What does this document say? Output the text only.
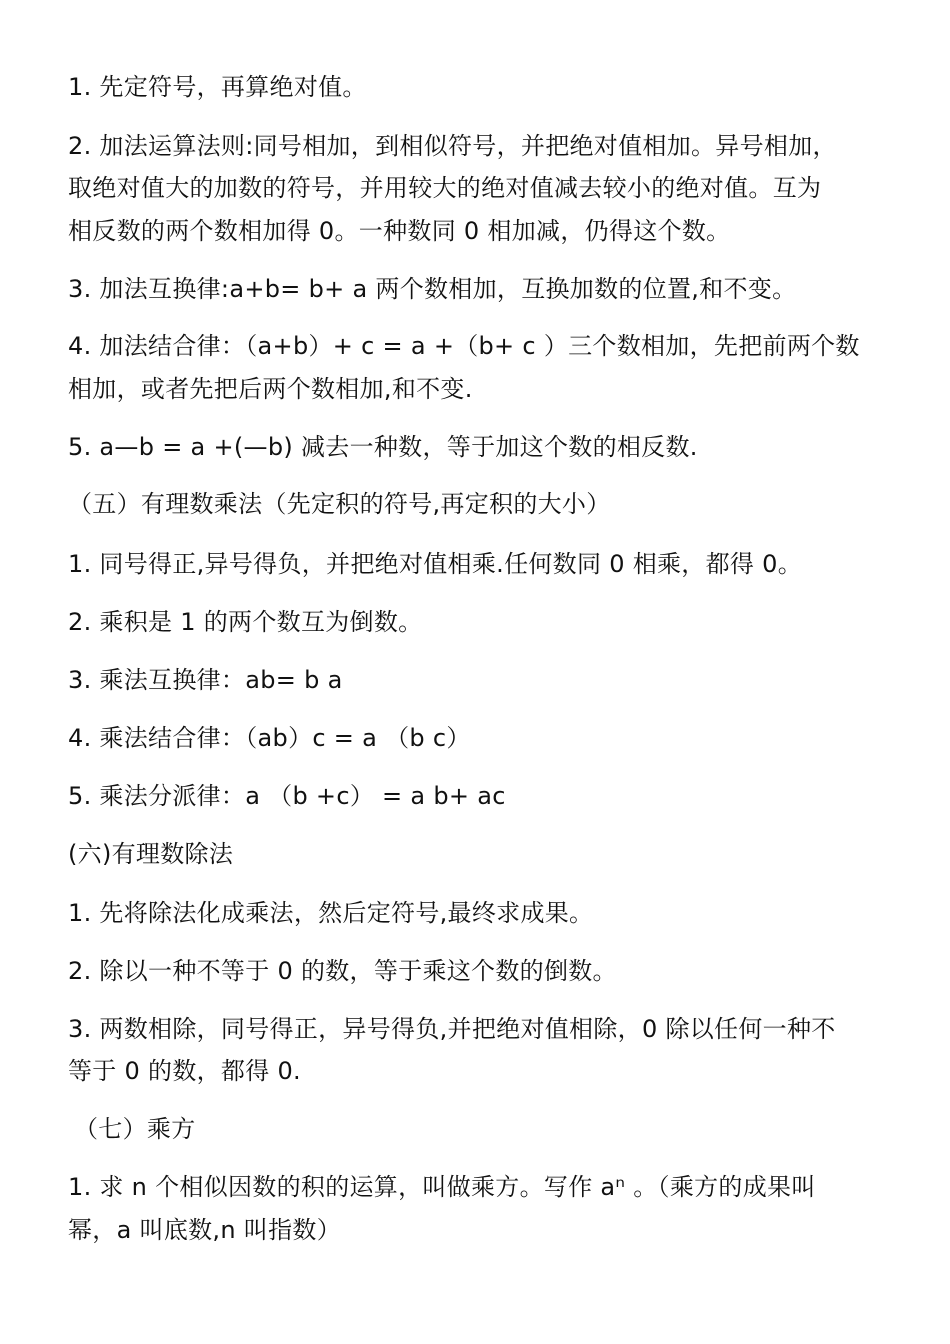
1. 先定符号，再算绝对值。
2. 加法运算法则:同号相加，到相似符号，并把绝对值相加。异号相加，
取绝对值大的加数的符号，并用较大的绝对值减去较小的绝对值。互为
相反数的两个数相加得 0。一种数同 0 相加减，仍得这个数。
3. 加法互换律:a+b= b+ a 两个数相加，互换加数的位置,和不变。
4. 加法结合律：（a+b）+ c = a +（b+ c ）三个数相加，先把前两个数
相加，或者先把后两个数相加,和不变.
5. a—b = a +(—b) 减去一种数，等于加这个数的相反数.
（五）有理数乘法（先定积的符号,再定积的大小）
1. 同号得正,异号得负，并把绝对值相乘.任何数同 0 相乘，都得 0。
2. 乘积是 1 的两个数互为倒数。
3. 乘法互换律：ab= b a
4. 乘法结合律：（ab）c = a （b c）
5. 乘法分派律：a （b +c） = a b+ ac
(六)有理数除法
1. 先将除法化成乘法，然后定符号,最终求成果。
2. 除以一种不等于 0 的数，等于乘这个数的倒数。
3. 两数相除，同号得正，异号得负,并把绝对值相除，0 除以任何一种不
等于 0 的数，都得 0.
（七）乘方
1. 求 n 个相似因数的积的运算，叫做乘方。写作 aⁿ 。（乘方的成果叫
幂，a 叫底数,n 叫指数）
